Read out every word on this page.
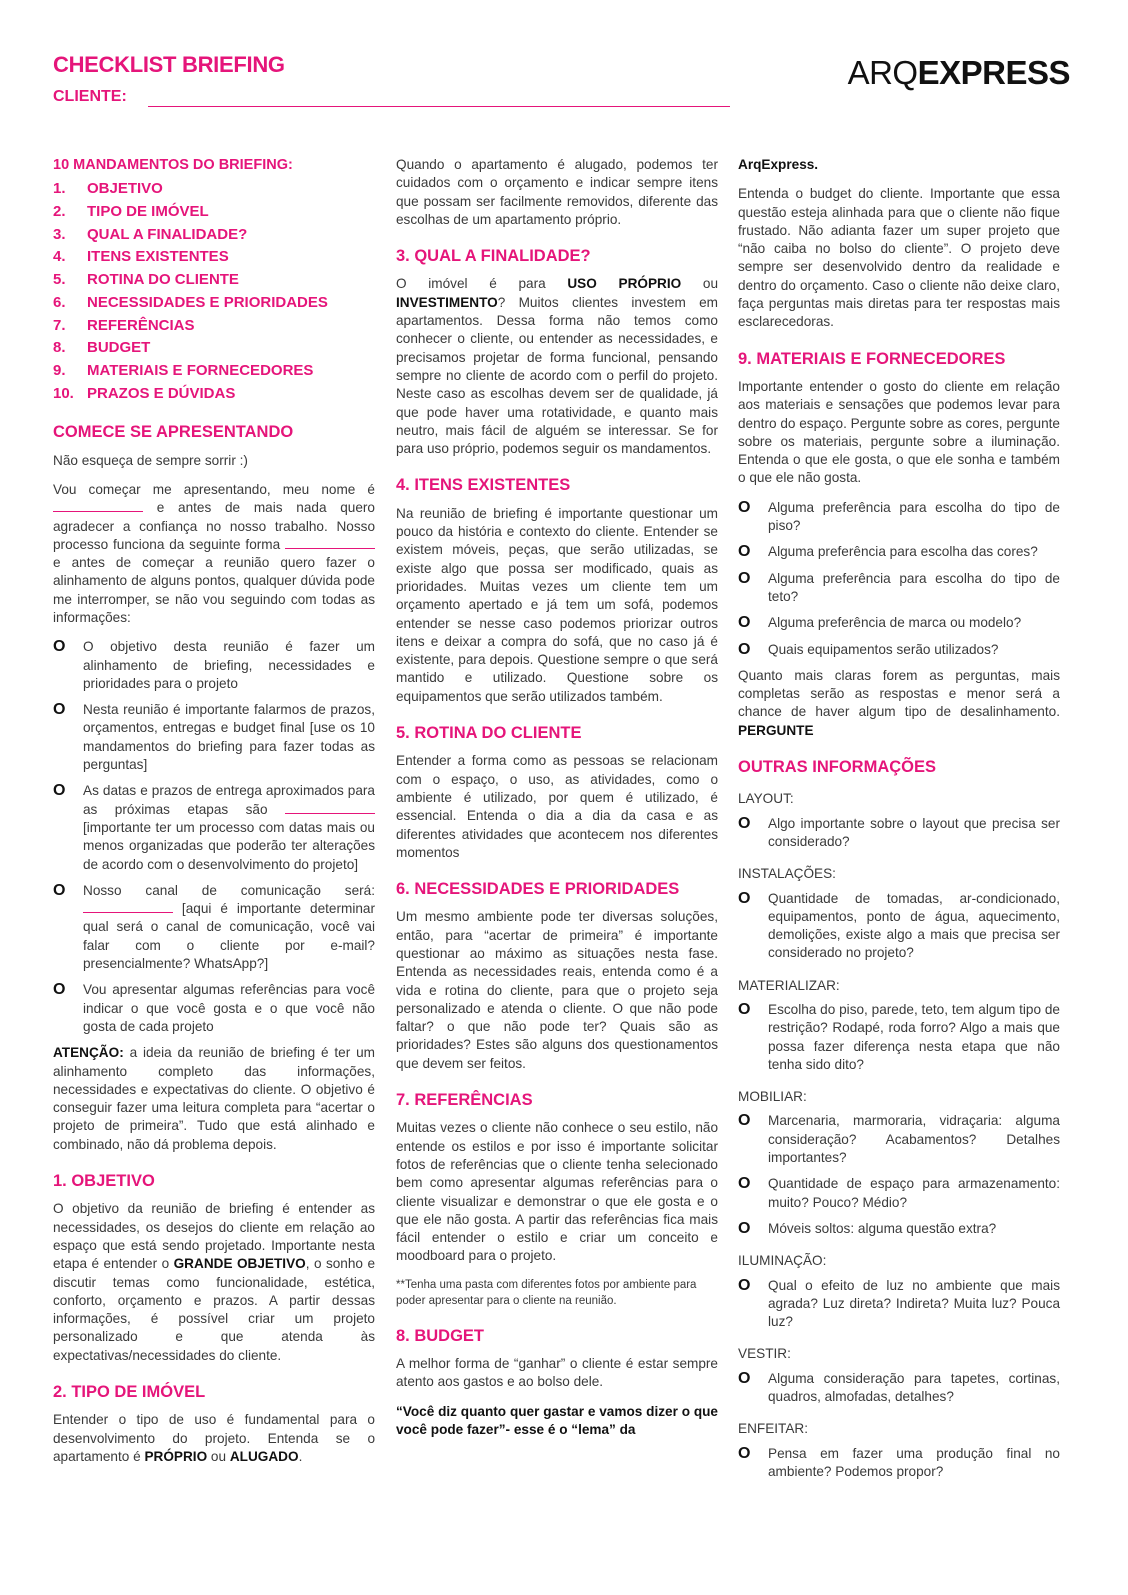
CHECKLIST BRIEFING
CLIENTE:
ARQEXPRESS
10 MANDAMENTOS DO BRIEFING:
1.	OBJETIVO
2.	TIPO DE IMÓVEL
3.	QUAL A FINALIDADE?
4.	ITENS EXISTENTES
5.	ROTINA DO CLIENTE
6.	NECESSIDADES E PRIORIDADES
7.	REFERÊNCIAS
8.	BUDGET
9.	MATERIAIS E FORNECEDORES
10. PRAZOS E DÚVIDAS
COMECE SE APRESENTANDO
Não esqueça de sempre sorrir :)
Vou começar me apresentando, meu nome é  e antes de mais nada quero agradecer a confiança no nosso trabalho. Nosso processo funciona da seguinte forma  e antes de começar a reunião quero fazer o alinhamento de alguns pontos, qualquer dúvida pode me interromper, se não vou seguindo com todas as informações:
O	O objetivo desta reunião é fazer um alinhamento de briefing, necessidades e prioridades para o projeto
O	Nesta reunião é importante falarmos de prazos, orçamentos, entregas e budget final [use os 10 mandamentos do briefing para fazer todas as perguntas]
O	As datas e prazos de entrega aproximados para as próximas etapas são  [importante ter um processo com datas mais ou menos organizadas que poderão ter alterações de acordo com o desenvolvimento do projeto]
O	Nosso canal de comunicação será:  [aqui é importante determinar qual será o canal de comunicação, você vai falar com o cliente por e-mail? presencialmente? WhatsApp?]
O	Vou apresentar algumas referências para você indicar o que você gosta e o que você não gosta de cada projeto
ATENÇÃO: a ideia da reunião de briefing é ter um alinhamento completo das informações, necessidades e expectativas do cliente. O objetivo é conseguir fazer uma leitura completa para “acertar o projeto de primeira”. Tudo que está alinhado e combinado, não dá problema depois.
1. OBJETIVO
O objetivo da reunião de briefing é entender as necessidades, os desejos do cliente em relação ao espaço que está sendo projetado. Importante nesta etapa é entender o GRANDE OBJETIVO, o sonho e discutir temas como funcionalidade, estética, conforto, orçamento e prazos. A partir dessas informações, é possível criar um projeto personalizado e que atenda às expectativas/necessidades do cliente.
2. TIPO DE IMÓVEL
Entender o tipo de uso é fundamental para o desenvolvimento do projeto. Entenda se o apartamento é PRÓPRIO ou ALUGADO.
Quando o apartamento é alugado, podemos ter cuidados com o orçamento e indicar sempre itens que possam ser facilmente removidos, diferente das escolhas de um apartamento próprio.
3. QUAL A FINALIDADE?
O imóvel é para USO PRÓPRIO ou INVESTIMENTO? Muitos clientes investem em apartamentos. Dessa forma não temos como conhecer o cliente, ou entender as necessidades, e precisamos projetar de forma funcional, pensando sempre no cliente de acordo com o perfil do projeto. Neste caso as escolhas devem ser de qualidade, já que pode haver uma rotatividade, e quanto mais neutro, mais fácil de alguém se interessar. Se for para uso próprio, podemos seguir os mandamentos.
4. ITENS EXISTENTES
Na reunião de briefing é importante questionar um pouco da história e contexto do cliente. Entender se existem móveis, peças, que serão utilizadas, se existe algo que possa ser modificado, quais as prioridades. Muitas vezes um cliente tem um orçamento apertado e já tem um sofá, podemos entender se nesse caso podemos priorizar outros itens e deixar a compra do sofá, que no caso já é existente, para depois. Questione sempre o que será mantido e utilizado. Questione sobre os equipamentos que serão utilizados também.
5. ROTINA DO CLIENTE
Entender a forma como as pessoas se relacionam com o espaço, o uso, as atividades, como o ambiente é utilizado, por quem é utilizado, é essencial. Entenda o dia a dia da casa e as diferentes atividades que acontecem nos diferentes momentos
6. NECESSIDADES E PRIORIDADES
Um mesmo ambiente pode ter diversas soluções, então, para “acertar de primeira” é importante questionar ao máximo as situações nesta fase. Entenda as necessidades reais, entenda como é a vida e rotina do cliente, para que o projeto seja personalizado e atenda o cliente. O que não pode faltar? o que não pode ter? Quais são as prioridades? Estes são alguns dos questionamentos que devem ser feitos.
7. REFERÊNCIAS
Muitas vezes o cliente não conhece o seu estilo, não entende os estilos e por isso é importante solicitar fotos de referências que o cliente tenha selecionado bem como apresentar algumas referências para o cliente visualizar e demonstrar o que ele gosta e o que ele não gosta. A partir das referências fica mais fácil entender o estilo e criar um conceito e moodboard para o projeto.
**Tenha uma pasta com diferentes fotos por ambiente para poder apresentar para o cliente na reunião.
8. BUDGET
A melhor forma de “ganhar” o cliente é estar sempre atento aos gastos e ao bolso dele.
“Você diz quanto quer gastar e vamos dizer o que você pode fazer”- esse é o “lema” da
ArqExpress.
Entenda o budget do cliente. Importante que essa questão esteja alinhada para que o cliente não fique frustado. Não adianta fazer um super projeto que “não caiba no bolso do cliente”. O projeto deve sempre ser desenvolvido dentro da realidade e dentro do orçamento. Caso o cliente não deixe claro, faça perguntas mais diretas para ter respostas mais esclarecedoras.
9. MATERIAIS E FORNECEDORES
Importante entender o gosto do cliente em relação aos materiais e sensações que podemos levar para dentro do espaço. Pergunte sobre as cores, pergunte sobre os materiais, pergunte sobre a iluminação. Entenda o que ele gosta, o que ele sonha e também o que ele não gosta.
O	Alguma preferência para escolha do tipo de piso?
O	Alguma preferência para escolha das cores?
O	Alguma preferência para escolha do tipo de teto?
O	Alguma preferência de marca ou modelo?
O	Quais equipamentos serão utilizados?
Quanto mais claras forem as perguntas, mais completas serão as respostas e menor será a chance de haver algum tipo de desalinhamento. PERGUNTE
OUTRAS INFORMAÇÕES
LAYOUT:
O	Algo importante sobre o layout que precisa ser considerado?
INSTALAÇÕES:
O	Quantidade de tomadas, ar-condicionado, equipamentos, ponto de água, aquecimento, demolições, existe algo a mais que precisa ser considerado no projeto?
MATERIALIZAR:
O	Escolha do piso, parede, teto, tem algum tipo de restrição? Rodapé, roda forro? Algo a mais que possa fazer diferença nesta etapa que não tenha sido dito?
MOBILIAR:
O	Marcenaria, marmoraria, vidraçaria: alguma consideração? Acabamentos? Detalhes importantes?
O	Quantidade de espaço para armazenamento: muito? Pouco? Médio?
O	Móveis soltos: alguma questão extra?
ILUMINAÇÃO:
O	Qual o efeito de luz no ambiente que mais agrada? Luz direta? Indireta? Muita luz? Pouca luz?
VESTIR:
O	Alguma consideração para tapetes, cortinas, quadros, almofadas, detalhes?
ENFEITAR:
O	Pensa em fazer uma produção final no ambiente? Podemos propor?
